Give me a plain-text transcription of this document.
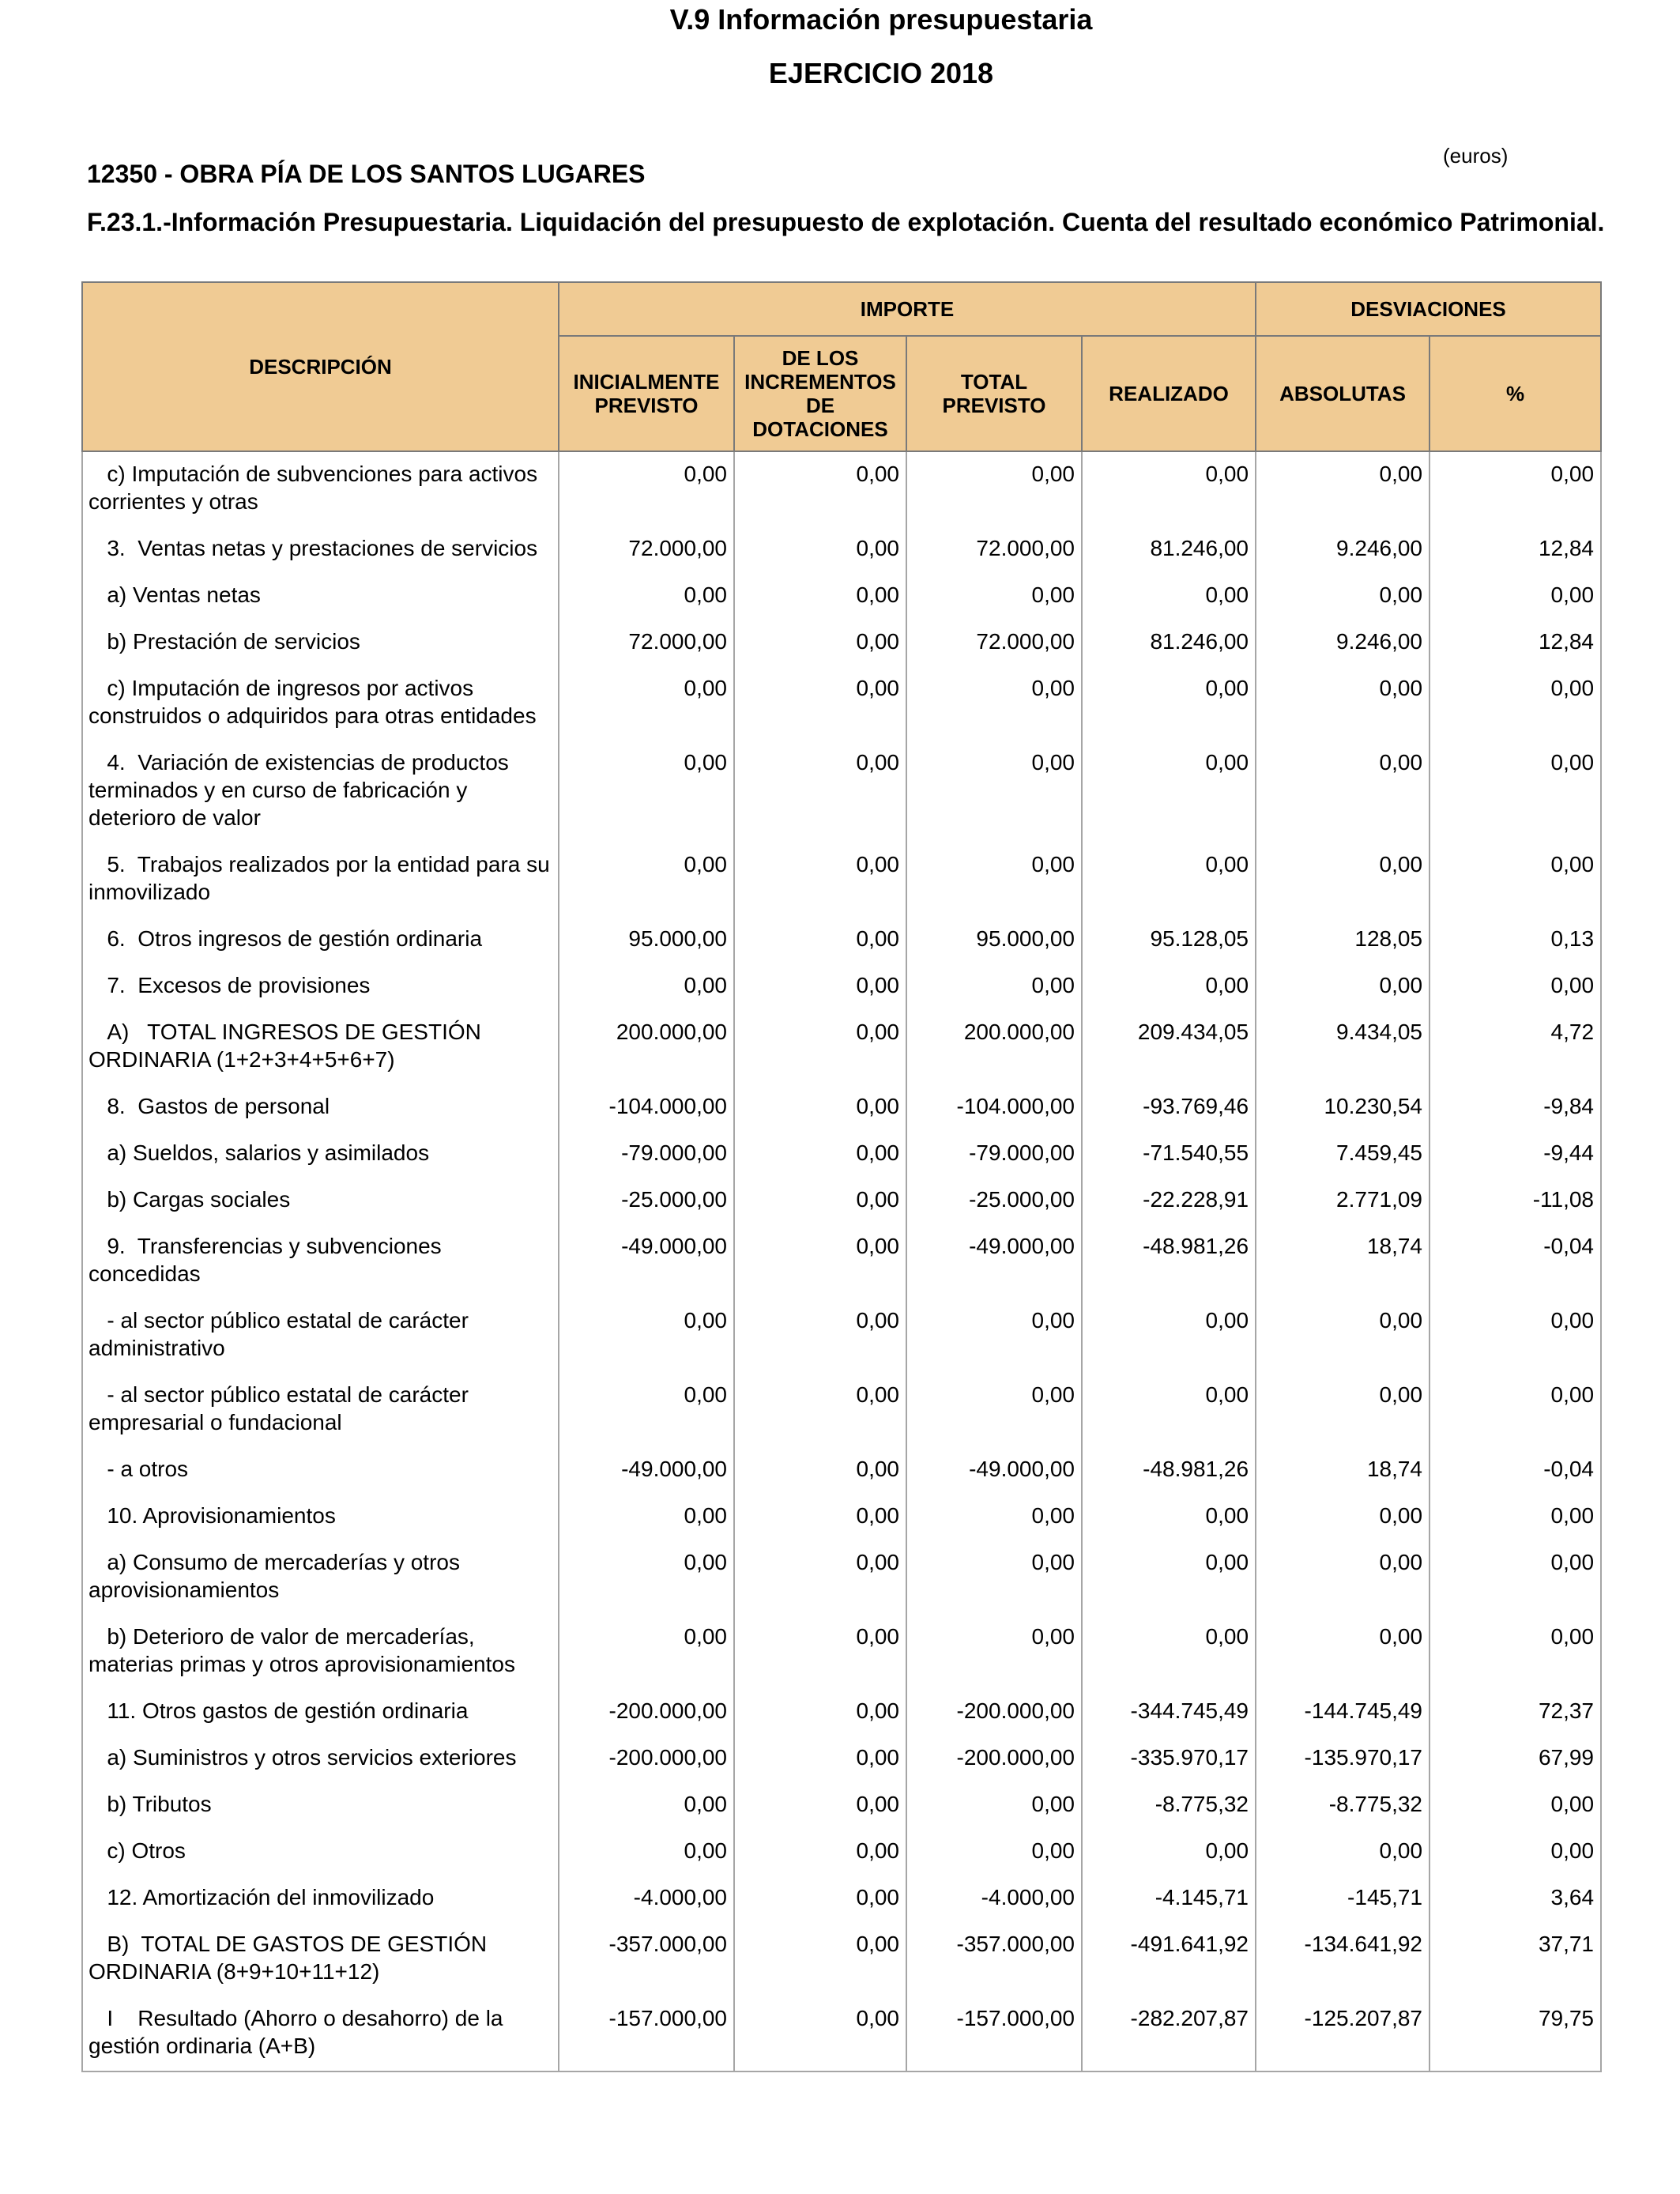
V.9 Información presupuestaria
EJERCICIO 2018
(euros)
12350 - OBRA PÍA DE LOS SANTOS LUGARES
F.23.1.-Información Presupuestaria. Liquidación del presupuesto de explotación. Cuenta del resultado económico Patrimonial.
DESCRIPCIÓN	IMPORTE				DESVIACIONES	
	INICIALMENTE PREVISTO	DE LOS INCREMENTOS DE DOTACIONES	TOTAL PREVISTO	REALIZADO	ABSOLUTAS	%
c) Imputación de subvenciones para activos corrientes y otras	0,00	0,00	0,00	0,00	0,00	0,00
3.  Ventas netas y prestaciones de servicios	72.000,00	0,00	72.000,00	81.246,00	9.246,00	12,84
a) Ventas netas	0,00	0,00	0,00	0,00	0,00	0,00
b) Prestación de servicios	72.000,00	0,00	72.000,00	81.246,00	9.246,00	12,84
c) Imputación de ingresos por activos construidos o adquiridos para otras entidades	0,00	0,00	0,00	0,00	0,00	0,00
4.  Variación de existencias de productos terminados y en curso de fabricación y deterioro de valor	0,00	0,00	0,00	0,00	0,00	0,00
5.  Trabajos realizados por la entidad para su inmovilizado	0,00	0,00	0,00	0,00	0,00	0,00
6.  Otros ingresos de gestión ordinaria	95.000,00	0,00	95.000,00	95.128,05	128,05	0,13
7.  Excesos de provisiones	0,00	0,00	0,00	0,00	0,00	0,00
A)   TOTAL INGRESOS DE GESTIÓN ORDINARIA (1+2+3+4+5+6+7)	200.000,00	0,00	200.000,00	209.434,05	9.434,05	4,72
8.  Gastos de personal	-104.000,00	0,00	-104.000,00	-93.769,46	10.230,54	-9,84
a) Sueldos, salarios y asimilados	-79.000,00	0,00	-79.000,00	-71.540,55	7.459,45	-9,44
b) Cargas sociales	-25.000,00	0,00	-25.000,00	-22.228,91	2.771,09	-11,08
9.  Transferencias y subvenciones concedidas	-49.000,00	0,00	-49.000,00	-48.981,26	18,74	-0,04
- al sector público estatal de carácter administrativo	0,00	0,00	0,00	0,00	0,00	0,00
- al sector público estatal de carácter empresarial o fundacional	0,00	0,00	0,00	0,00	0,00	0,00
- a otros	-49.000,00	0,00	-49.000,00	-48.981,26	18,74	-0,04
10. Aprovisionamientos	0,00	0,00	0,00	0,00	0,00	0,00
a) Consumo de mercaderías y otros aprovisionamientos	0,00	0,00	0,00	0,00	0,00	0,00
b) Deterioro de valor de mercaderías, materias primas y otros aprovisionamientos	0,00	0,00	0,00	0,00	0,00	0,00
11. Otros gastos de gestión ordinaria	-200.000,00	0,00	-200.000,00	-344.745,49	-144.745,49	72,37
a) Suministros y otros servicios exteriores	-200.000,00	0,00	-200.000,00	-335.970,17	-135.970,17	67,99
b) Tributos	0,00	0,00	0,00	-8.775,32	-8.775,32	0,00
c) Otros	0,00	0,00	0,00	0,00	0,00	0,00
12. Amortización del inmovilizado	-4.000,00	0,00	-4.000,00	-4.145,71	-145,71	3,64
B)  TOTAL DE GASTOS DE GESTIÓN ORDINARIA (8+9+10+11+12)	-357.000,00	0,00	-357.000,00	-491.641,92	-134.641,92	37,71
I    Resultado (Ahorro o desahorro) de la gestión ordinaria (A+B)	-157.000,00	0,00	-157.000,00	-282.207,87	-125.207,87	79,75
